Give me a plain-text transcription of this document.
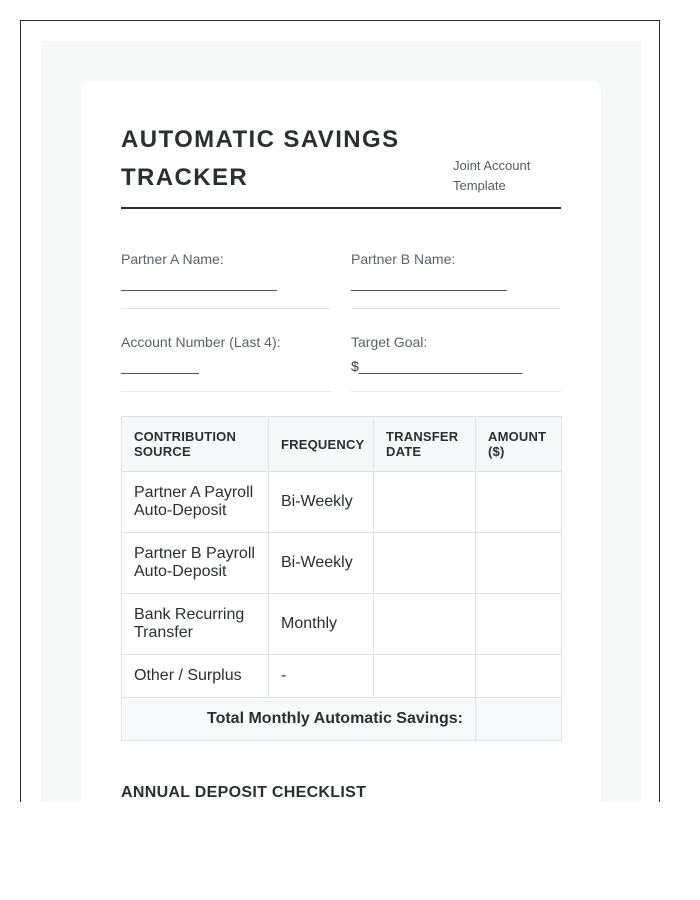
AUTOMATIC SAVINGS TRACKER	Joint Account Template
Partner A Name:
____________________
Partner B Name:
____________________
Account Number (Last 4):
__________
Target Goal:
$_____________________
CONTRIBUTION SOURCE	FREQUENCY	TRANSFER DATE	AMOUNT ($)
Partner A Payroll Auto-Deposit	Bi-Weekly		
Partner B Payroll Auto-Deposit	Bi-Weekly		
Bank Recurring Transfer	Monthly		
Other / Surplus	-		
Total Monthly Automatic Savings:			
ANNUAL DEPOSIT CHECKLIST
